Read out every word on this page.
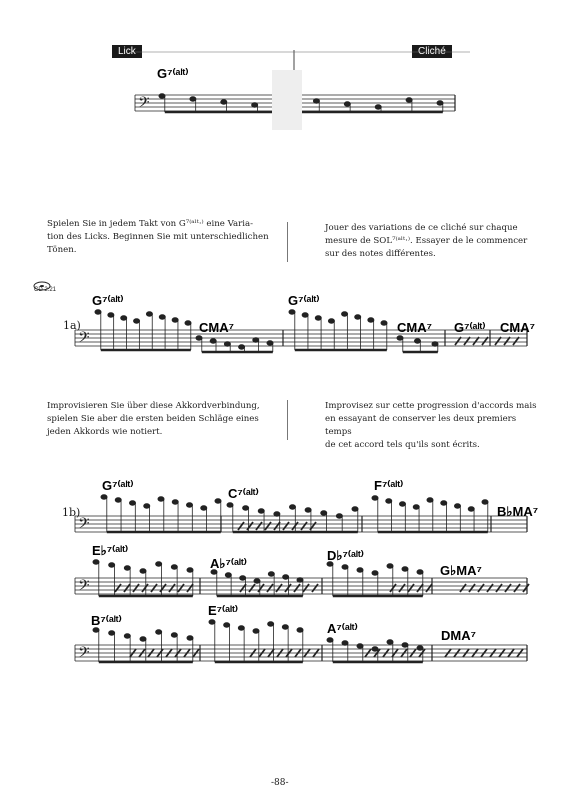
Lick	Cliché
Spielen Sie in jedem Takt von G⁷⁽ᵃˡᵗ·⁾ eine Varia-
tion des Licks. Beginnen Sie mit unterschiedlichen
Tönen.
Jouer des variations de ce cliché sur chaque
mesure de SOL⁷⁽ᵃˡᵗ·⁾. Essayer de le commencer
sur des notes différentes.
Improvisieren Sie über diese Akkordverbindung,
spielen Sie aber die ersten beiden Schläge eines
jeden Akkords wie notiert.
Improvisez sur cette progression d'accords mais
en essayant de conserver les deux premiers temps
de cet accord tels qu'ils sont écrits.
CD 2.21
1a)
1b)
𝄢
𝄢
𝄢
𝄢
𝄢
G⁷⁽ᵃˡᵗ⁾
G⁷⁽ᵃˡᵗ⁾
CMA⁷
G⁷⁽ᵃˡᵗ⁾
CMA⁷ G⁷⁽ᵃˡᵗ⁾ CMA⁷
G⁷⁽ᵃˡᵗ⁾
C⁷⁽ᵃˡᵗ⁾
F⁷⁽ᵃˡᵗ⁾
B♭MA⁷
E♭⁷⁽ᵃˡᵗ⁾
A♭⁷⁽ᵃˡᵗ⁾
D♭⁷⁽ᵃˡᵗ⁾
G♭MA⁷
B⁷⁽ᵃˡᵗ⁾
E⁷⁽ᵃˡᵗ⁾
A⁷⁽ᵃˡᵗ⁾	DMA⁷
-88-
